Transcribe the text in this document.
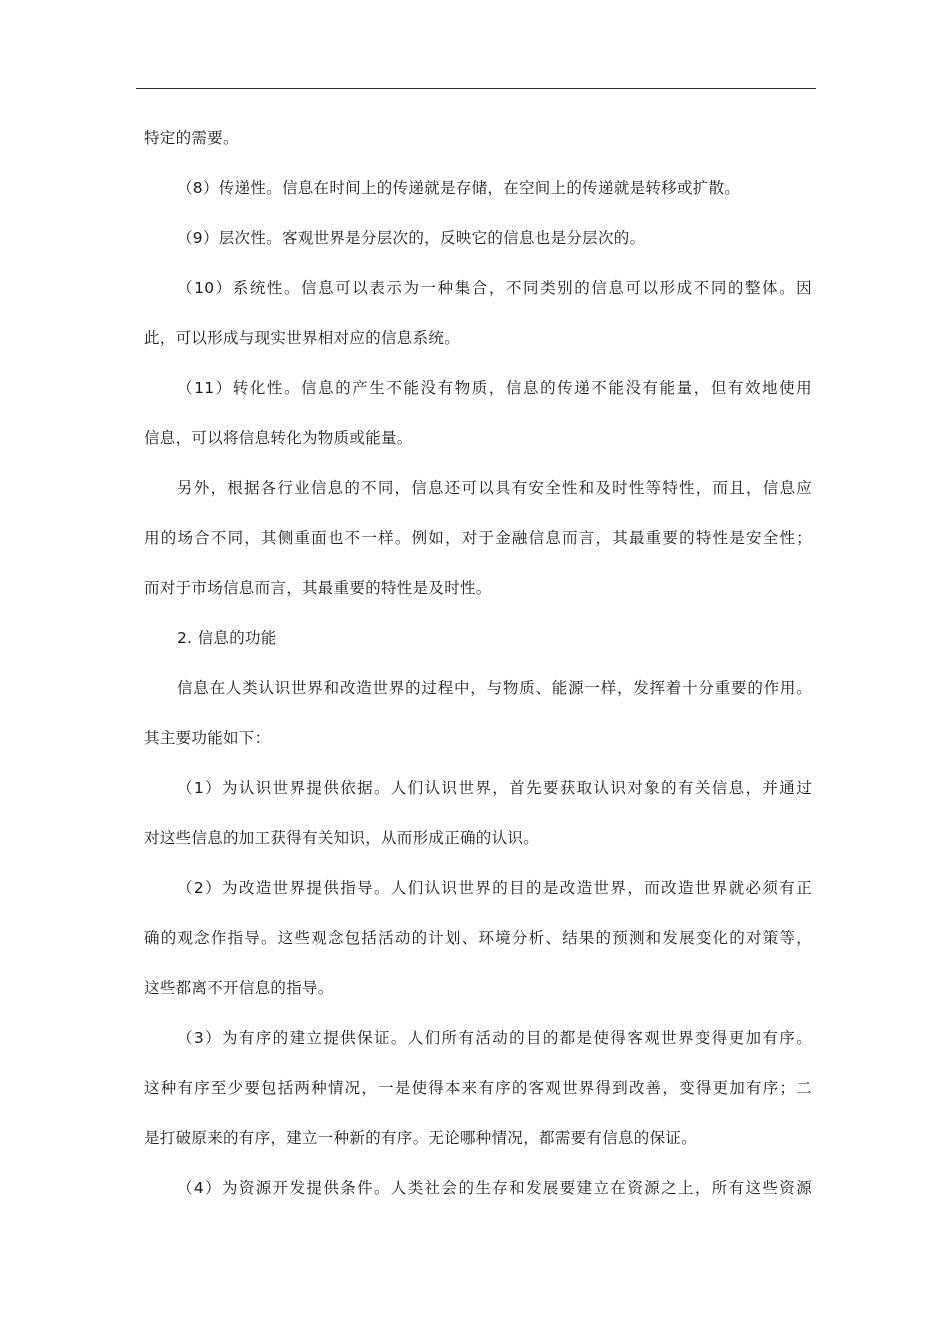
特定的需要。
（8）传递性。信息在时间上的传递就是存储，在空间上的传递就是转移或扩散。
（9）层次性。客观世界是分层次的，反映它的信息也是分层次的。
（10）系统性。信息可以表示为一种集合，不同类别的信息可以形成不同的整体。因
此，可以形成与现实世界相对应的信息系统。
（11）转化性。信息的产生不能没有物质，信息的传递不能没有能量，但有效地使用
信息，可以将信息转化为物质或能量。
另外，根据各行业信息的不同，信息还可以具有安全性和及时性等特性，而且，信息应
用的场合不同，其侧重面也不一样。例如，对于金融信息而言，其最重要的特性是安全性；
而对于市场信息而言，其最重要的特性是及时性。
2. 信息的功能
信息在人类认识世界和改造世界的过程中，与物质、能源一样，发挥着十分重要的作用。
其主要功能如下：
（1）为认识世界提供依据。人们认识世界，首先要获取认识对象的有关信息，并通过
对这些信息的加工获得有关知识，从而形成正确的认识。
（2）为改造世界提供指导。人们认识世界的目的是改造世界，而改造世界就必须有正
确的观念作指导。这些观念包括活动的计划、环境分析、结果的预测和发展变化的对策等，
这些都离不开信息的指导。
（3）为有序的建立提供保证。人们所有活动的目的都是使得客观世界变得更加有序。
这种有序至少要包括两种情况，一是使得本来有序的客观世界得到改善，变得更加有序；二
是打破原来的有序，建立一种新的有序。无论哪种情况，都需要有信息的保证。
（4）为资源开发提供条件。人类社会的生存和发展要建立在资源之上，所有这些资源
